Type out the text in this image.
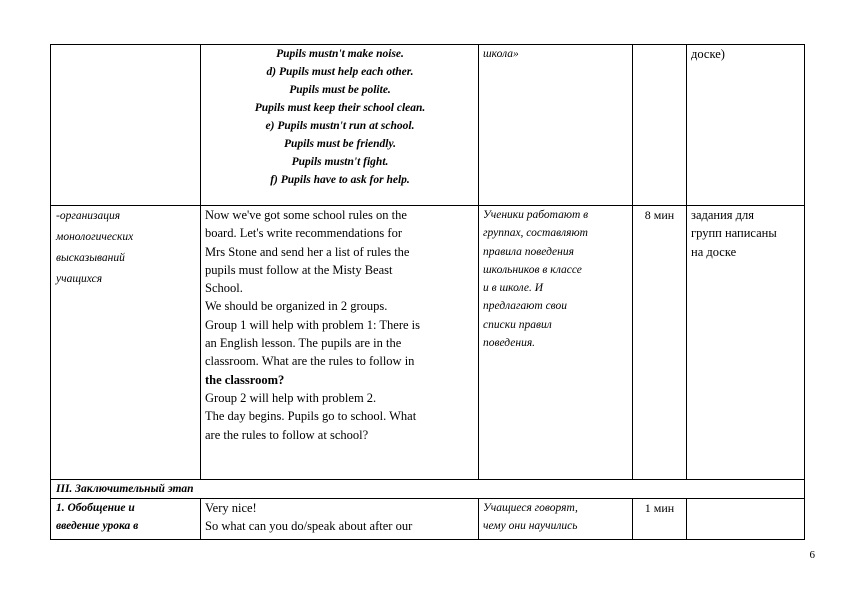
Pupils mustn't make noise.
d) Pupils must help each other.
Pupils must be polite.
Pupils must keep their school clean.
e) Pupils mustn't run at school.
Pupils must be friendly.
Pupils mustn't fight.
f) Pupils have to ask for help.
школа»	доске)
-организация
монологических
высказываний
учащихся
Now we've got some school rules on the
board. Let's write recommendations for
Mrs Stone and send her a list of rules the
pupils must follow at the Misty Beast
School.
We should be organized in 2 groups.
Group 1 will help with problem 1: There is
an English lesson. The pupils are in the
classroom. What are the rules to follow in
the classroom?
Group 2 will help with problem 2.
The day begins. Pupils go to school. What
are the rules to follow at school?
Ученики работают в
группах, составляют
правила поведения
школьников в классе
и в школе. И
предлагают свои
списки правил
поведения.
8 мин	задания для
групп написаны
на доске
III. Заключительный этап
1. Обобщение и
введение урока в
Very nice!
So what can you do/speak about after our
Учащиеся говорят,
чему они научились
1 мин
6
